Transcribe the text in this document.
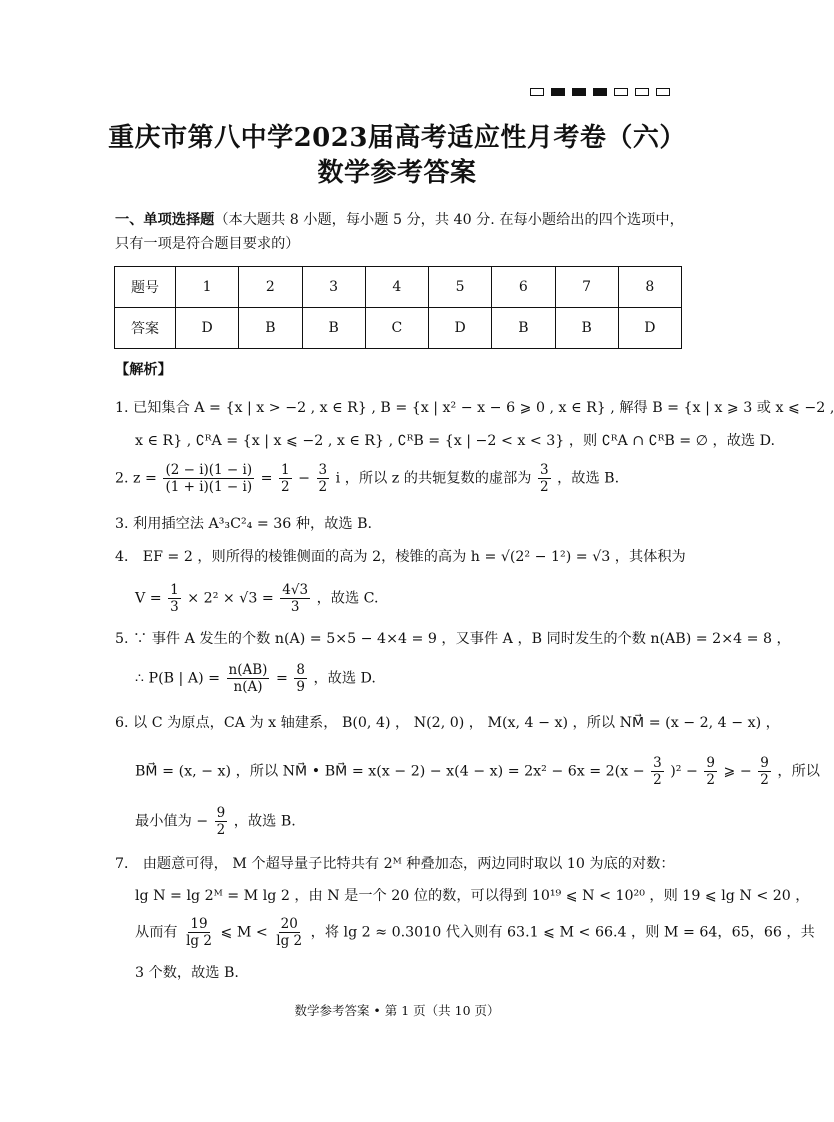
重庆市第八中学2023届高考适应性月考卷（六）
数学参考答案
一、单项选择题（本大题共 8 小题，每小题 5 分，共 40 分. 在每小题给出的四个选项中，只有一项是符合题目要求的）
题号	1	2	3	4	5	6	7	8
答案	D	B	B	C	D	B	B	D
【解析】
1. 已知集合 A = {x | x > −2 , x ∈ R} , B = {x | x² − x − 6 ⩾ 0 , x ∈ R} , 解得 B = {x | x ⩾ 3 或 x ⩽ −2 ,
x ∈ R} , ∁ᴿA = {x | x ⩽ −2 , x ∈ R} , ∁ᴿB = {x | −2 < x < 3} ，则 ∁ᴿA ∩ ∁ᴿB = ∅ ，故选 D.
2. $z = \frac{(2 - i)(1 - i)}{(1 + i)(1 - i)} = \frac{1}{2} - \frac{3}{2}$ i ，所以 z 的共轭复数的虚部为 $\frac{3}{2}$ ，故选 B.
3. 利用插空法 A³₃C²₄ = 36 种，故选 B.
4． EF = 2 ，则所得的棱锥侧面的高为 2，棱锥的高为 h = √(2² − 1²) = √3 ，其体积为
$V = \frac{1}{3} \times 2^2 \times √3 = \frac{4√3}{3}$ ，故选 C.
5. ∵ 事件 A 发生的个数 n(A) = 5×5 − 4×4 = 9 ，又事件 A ，B 同时发生的个数 n(AB) = 2×4 = 8 ，
∴ P(B | $A) = \frac{n(AB)}{n(A)} = \frac{8}{9}$ ，故选 D.
6. 以 C 为原点，CA 为 x 轴建系， B(0, 4) ， N(2, 0) ， M(x, 4 − x) ，所以 NM⃗ = (x − 2, 4 − x) ，
BM⃗ = (x, − x) ，所以 NM⃗ • BM⃗ = $x(x - 2) - x(4 - x) = 2x^2 - 6x = 2(x - \frac{3}{2} )^2 - \frac{9}{2}$ ⩾ − $\frac{9}{2}$ ，所以
最小值为 − $\frac{9}{2}$ ，故选 B.
7． 由题意可得， M 个超导量子比特共有 2ᴹ 种叠加态，两边同时取以 10 为底的对数：
lg N = lg 2ᴹ = M lg 2 ，由 N 是一个 20 位的数，可以得到 10¹⁹ ⩽ N < 10²⁰ ，则 19 ⩽ lg N < 20 ，
从而有 $\frac{19}{\lg 2}$ ⩽ $M < \frac{20}{\lg 2}$ ，将 lg 2 ≈ 0.3010 代入则有 63.1 ⩽ M < 66.4 ，则 M = 64，65，66 ，共
3 个数，故选 B.
数学参考答案 • 第 1 页（共 10 页）
